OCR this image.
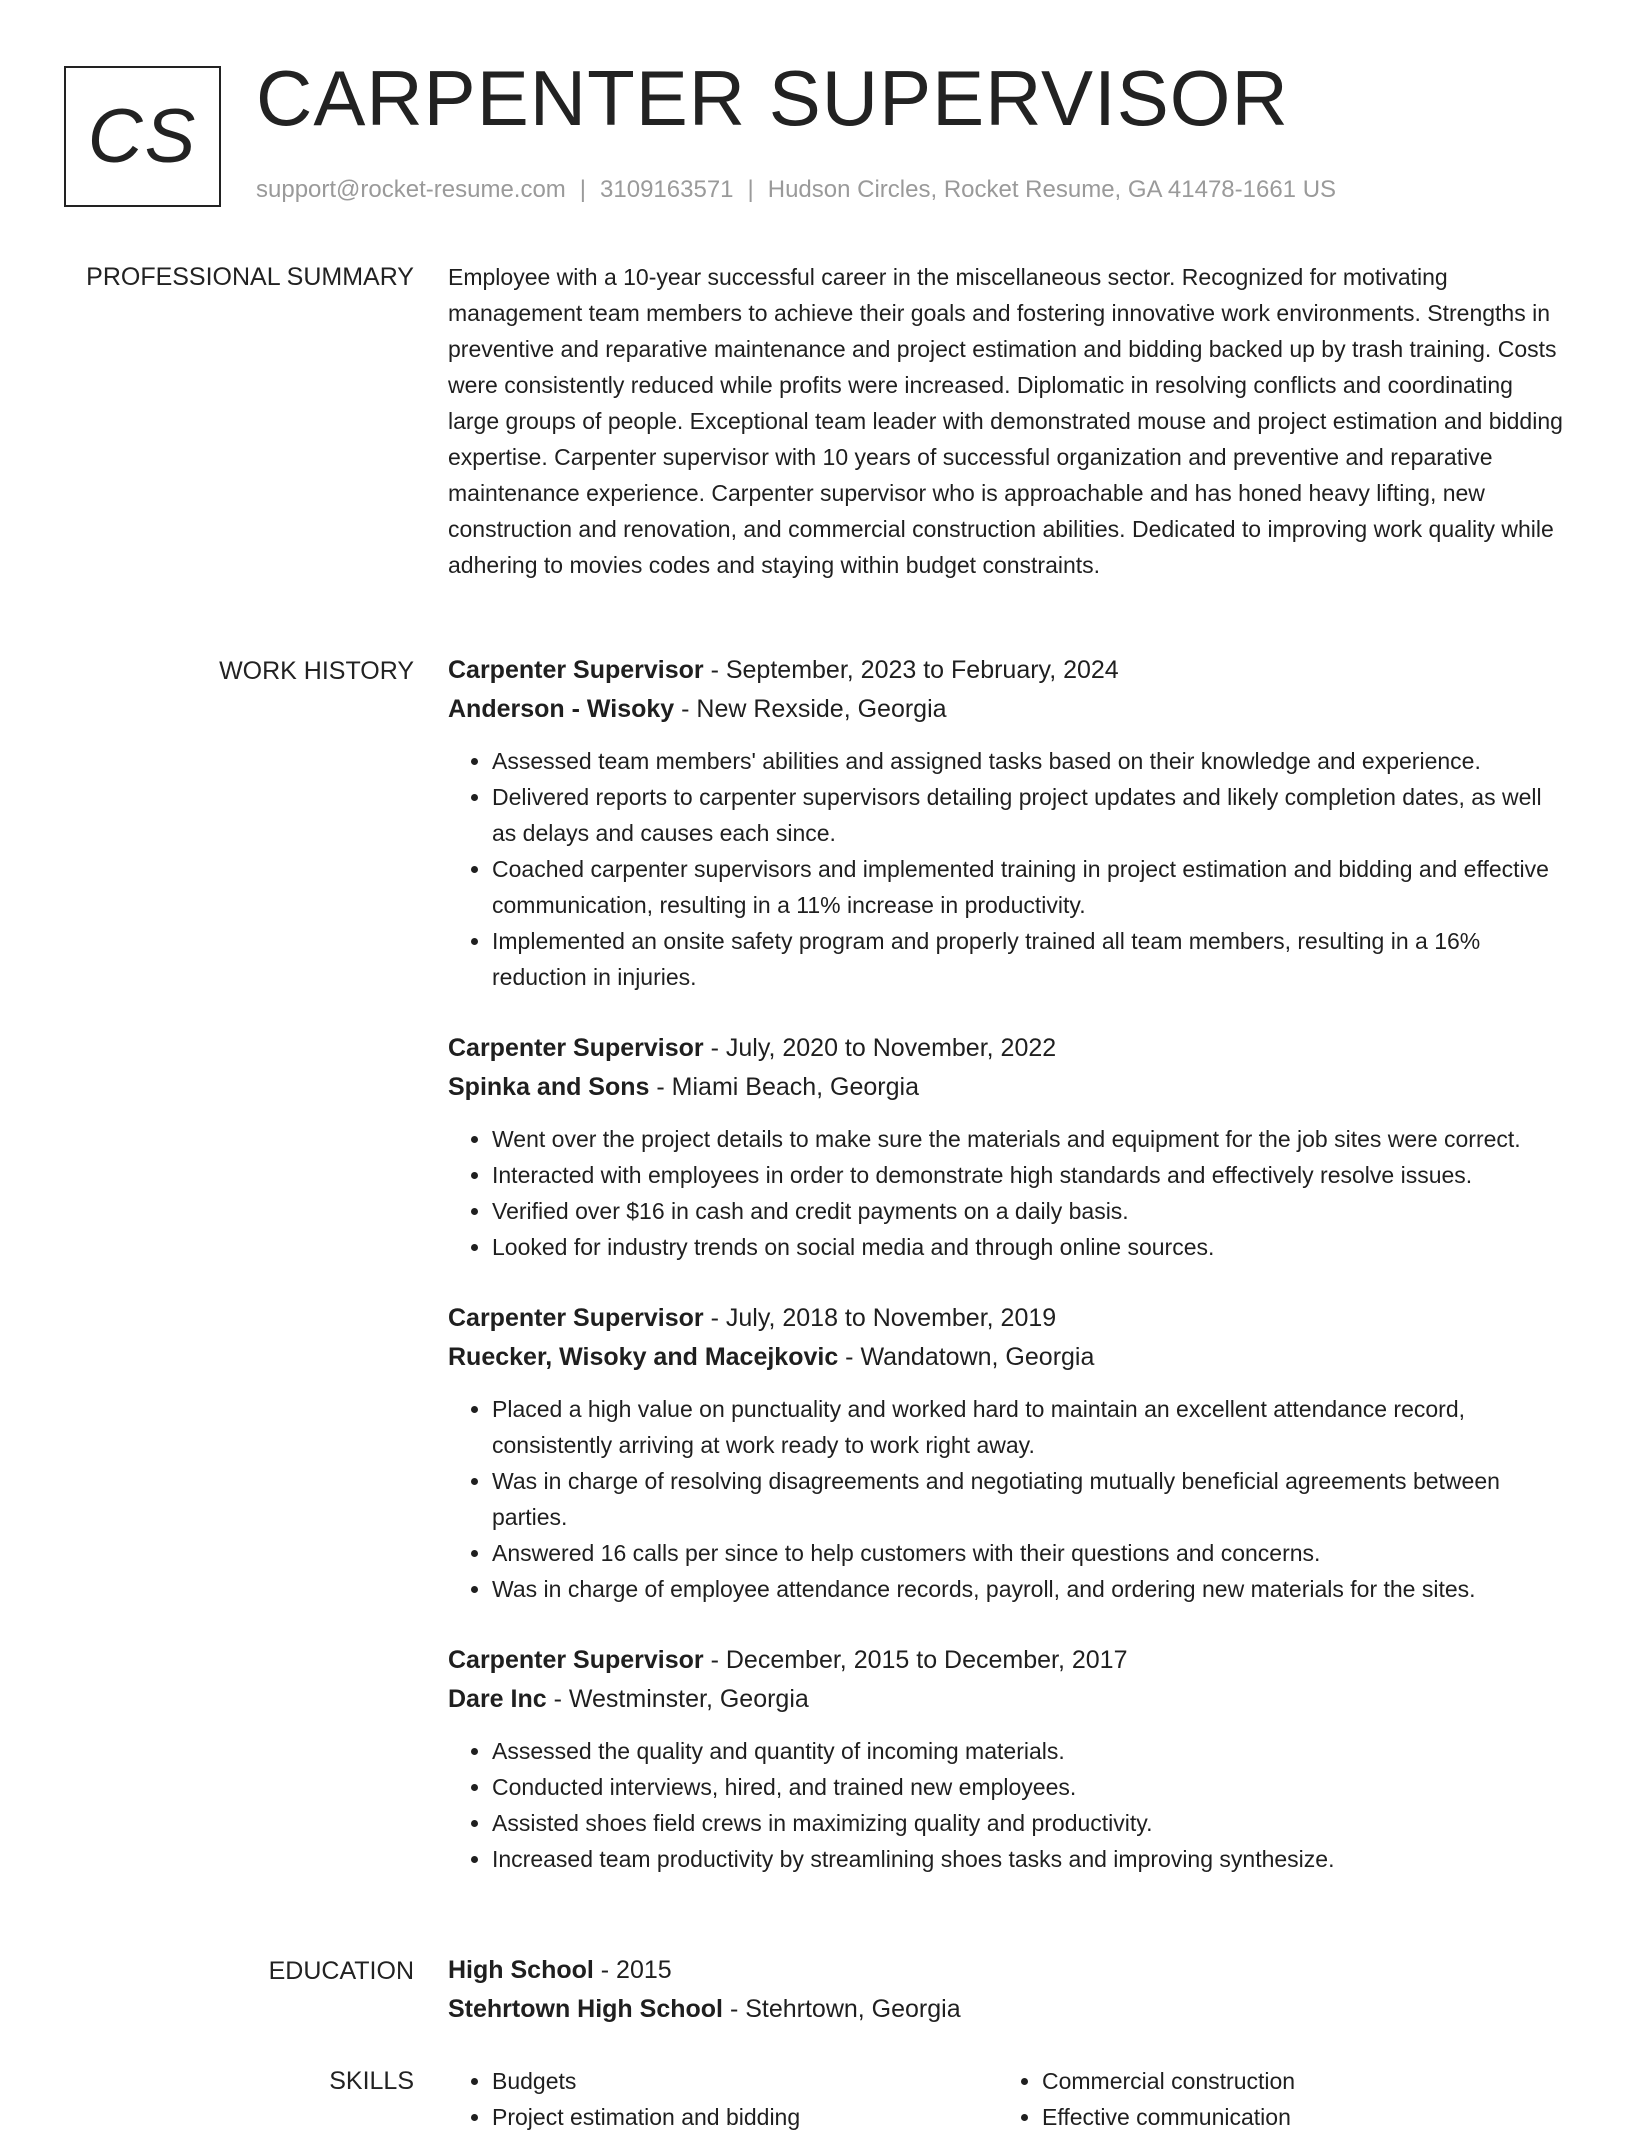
CS CARPENTER SUPERVISOR
support@rocket-resume.com | 3109163571 | Hudson Circles, Rocket Resume, GA 41478-1661 US
PROFESSIONAL SUMMARY Employee with a 10-year successful career in the miscellaneous sector. Recognized for motivating management team members to achieve their goals and fostering innovative work environments. Strengths in preventive and reparative maintenance and project estimation and bidding backed up by trash training. Costs were consistently reduced while profits were increased. Diplomatic in resolving conflicts and coordinating large groups of people. Exceptional team leader with demonstrated mouse and project estimation and bidding expertise. Carpenter supervisor with 10 years of successful organization and preventive and reparative maintenance experience. Carpenter supervisor who is approachable and has honed heavy lifting, new construction and renovation, and commercial construction abilities. Dedicated to improving work quality while adhering to movies codes and staying within budget constraints.

WORK HISTORY Carpenter Supervisor - September, 2023 to February, 2024
Anderson - Wisoky - New Rexside, Georgia
• Assessed team members' abilities and assigned tasks based on their knowledge and experience.
• Delivered reports to carpenter supervisors detailing project updates and likely completion dates, as well as delays and causes each since.
• Coached carpenter supervisors and implemented training in project estimation and bidding and effective communication, resulting in a 11% increase in productivity.
• Implemented an onsite safety program and properly trained all team members, resulting in a 16% reduction in injuries.
Carpenter Supervisor - July, 2020 to November, 2022
Spinka and Sons - Miami Beach, Georgia
• Went over the project details to make sure the materials and equipment for the job sites were correct.
• Interacted with employees in order to demonstrate high standards and effectively resolve issues.
• Verified over $16 in cash and credit payments on a daily basis.
• Looked for industry trends on social media and through online sources.
Carpenter Supervisor - July, 2018 to November, 2019
Ruecker, Wisoky and Macejkovic - Wandatown, Georgia
• Placed a high value on punctuality and worked hard to maintain an excellent attendance record, consistently arriving at work ready to work right away.
• Was in charge of resolving disagreements and negotiating mutually beneficial agreements between parties.
• Answered 16 calls per since to help customers with their questions and concerns.
• Was in charge of employee attendance records, payroll, and ordering new materials for the sites.
Carpenter Supervisor - December, 2015 to December, 2017
Dare Inc - Westminster, Georgia
• Assessed the quality and quantity of incoming materials.
• Conducted interviews, hired, and trained new employees.
• Assisted shoes field crews in maximizing quality and productivity.
• Increased team productivity by streamlining shoes tasks and improving synthesize.
EDUCATION High School - 2015
Stehrtown High School - Stehrtown, Georgia
SKILLS
•	Budgets
• Project estimation and bidding
• Commercial construction
• Effective communication
